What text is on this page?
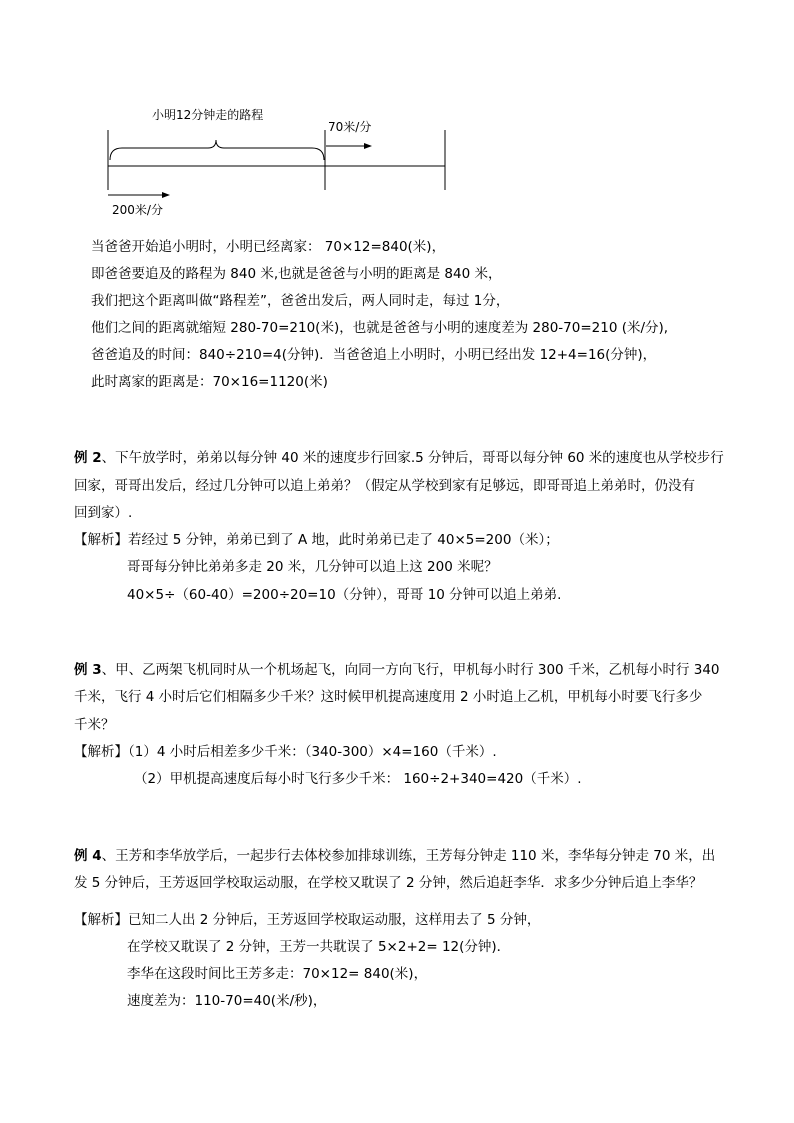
小明12分钟走的路程
70米/分
200米/分
当爸爸开始追小明时，小明已经离家： 70×12=840(米)，
即爸爸要追及的路程为 840 米,也就是爸爸与小明的距离是 840 米，
我们把这个距离叫做“路程差”，爸爸出发后，两人同时走，每过 1分，
他们之间的距离就缩短 280-70=210(米)，也就是爸爸与小明的速度差为 280-70=210 (米/分),
爸爸追及的时间：840÷210=4(分钟)．当爸爸追上小明时，小明已经出发 12+4=16(分钟)，
此时离家的距离是：70×16=1120(米)
例 2、下午放学时，弟弟以每分钟 40 米的速度步行回家.5 分钟后，哥哥以每分钟 60 米的速度也从学校步行
回家，哥哥出发后，经过几分钟可以追上弟弟？（假定从学校到家有足够远，即哥哥追上弟弟时，仍没有
回到家）.
【解析】若经过 5 分钟，弟弟已到了 A 地，此时弟弟已走了 40×5=200（米）；
哥哥每分钟比弟弟多走 20 米，几分钟可以追上这 200 米呢？
40×5÷（60-40）=200÷20=10（分钟），哥哥 10 分钟可以追上弟弟.
例 3、甲、乙两架飞机同时从一个机场起飞，向同一方向飞行，甲机每小时行 300 千米，乙机每小时行 340
千米，飞行 4 小时后它们相隔多少千米？这时候甲机提高速度用 2 小时追上乙机，甲机每小时要飞行多少
千米？
【解析】（1）4 小时后相差多少千米：（340-300）×4=160（千米）.
（2）甲机提高速度后每小时飞行多少千米： 160÷2+340=420（千米）.
例 4、王芳和李华放学后，一起步行去体校参加排球训练，王芳每分钟走 110 米，李华每分钟走 70 米，出
发 5 分钟后，王芳返回学校取运动服，在学校又耽误了 2 分钟，然后追赶李华．求多少分钟后追上李华？
【解析】已知二人出 2 分钟后，王芳返回学校取运动服，这样用去了 5 分钟，
在学校又耽误了 2 分钟，王芳一共耽误了 5×2+2= 12(分钟)．
李华在这段时间比王芳多走：70×12= 840(米)，
速度差为：110-70=40(米/秒)，
